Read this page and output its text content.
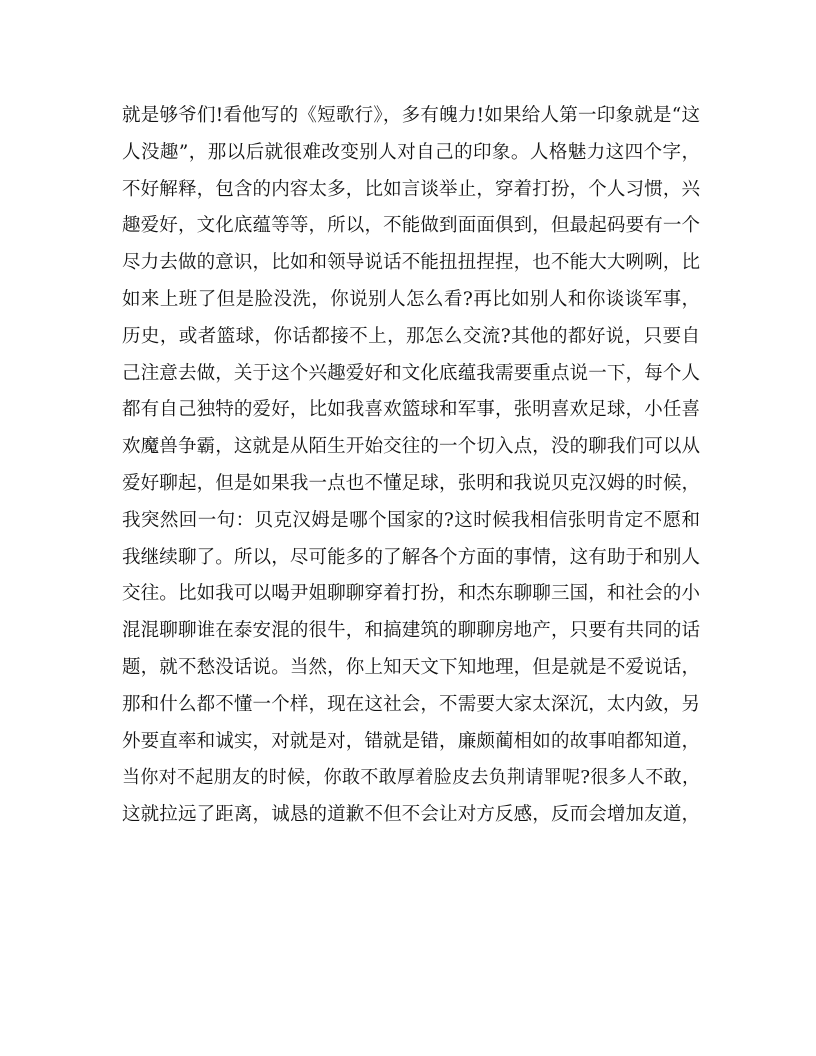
就是够爷们!看他写的《短歌行》，多有魄力!如果给人第一印象就是“这
人没趣”，那以后就很难改变别人对自己的印象。人格魅力这四个字，
不好解释，包含的内容太多，比如言谈举止，穿着打扮，个人习惯，兴
趣爱好，文化底蕴等等，所以，不能做到面面俱到，但最起码要有一个
尽力去做的意识，比如和领导说话不能扭扭捏捏，也不能大大咧咧，比
如来上班了但是脸没洗，你说别人怎么看?再比如别人和你谈谈军事，
历史，或者篮球，你话都接不上，那怎么交流?其他的都好说，只要自
己注意去做，关于这个兴趣爱好和文化底蕴我需要重点说一下，每个人
都有自己独特的爱好，比如我喜欢篮球和军事，张明喜欢足球，小任喜
欢魔兽争霸，这就是从陌生开始交往的一个切入点，没的聊我们可以从
爱好聊起，但是如果我一点也不懂足球，张明和我说贝克汉姆的时候，
我突然回一句：贝克汉姆是哪个国家的?这时候我相信张明肯定不愿和
我继续聊了。所以，尽可能多的了解各个方面的事情，这有助于和别人
交往。比如我可以喝尹姐聊聊穿着打扮，和杰东聊聊三国，和社会的小
混混聊聊谁在泰安混的很牛，和搞建筑的聊聊房地产，只要有共同的话
题，就不愁没话说。当然，你上知天文下知地理，但是就是不爱说话，
那和什么都不懂一个样，现在这社会，不需要大家太深沉，太内敛，另
外要直率和诚实，对就是对，错就是错，廉颇蔺相如的故事咱都知道，
当你对不起朋友的时候，你敢不敢厚着脸皮去负荆请罪呢?很多人不敢，
这就拉远了距离，诚恳的道歉不但不会让对方反感，反而会增加友道，
